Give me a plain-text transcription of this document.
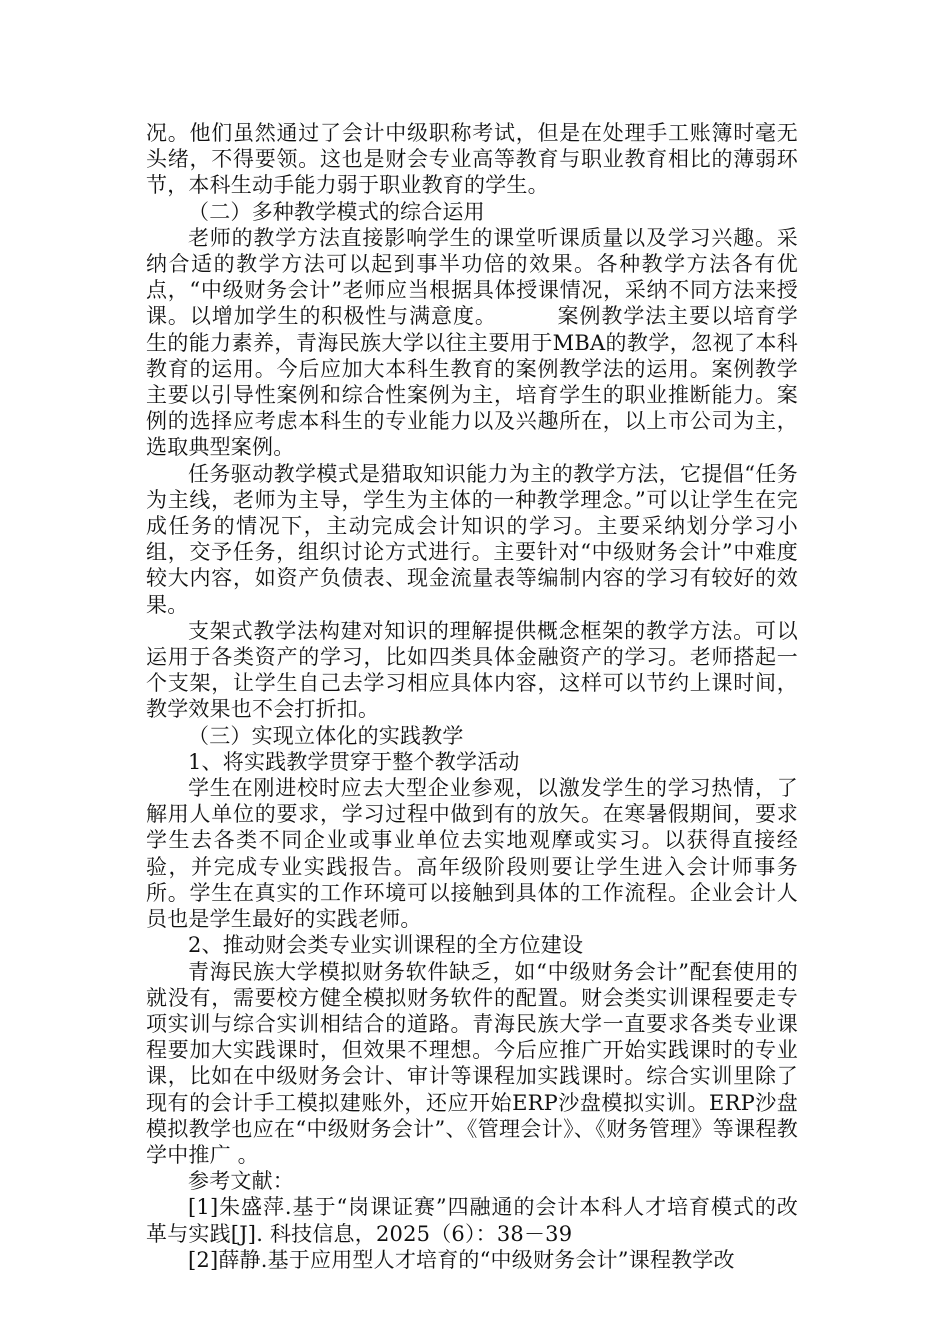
况。他们虽然通过了会计中级职称考试，但是在处理手工账簿时毫无头绪，不得要领。这也是财会专业高等教育与职业教育相比的薄弱环节，本科生动手能力弱于职业教育的学生。

（二）多种教学模式的综合运用

老师的教学方法直接影响学生的课堂听课质量以及学习兴趣。采纳合适的教学方法可以起到事半功倍的效果。各种教学方法各有优点，“中级财务会计”老师应当根据具体授课情况，采纳不同方法来授课。以增加学生的积极性与满意度。	案例教学法主要以培育学生的能力素养，青海民族大学以往主要用于MBA的教学，忽视了本科教育的运用。今后应加大本科生教育的案例教学法的运用。案例教学主要以引导性案例和综合性案例为主，培育学生的职业推断能力。案例的选择应考虑本科生的专业能力以及兴趣所在，以上市公司为主，选取典型案例。

任务驱动教学模式是猎取知识能力为主的教学方法，它提倡“任务为主线，老师为主导，学生为主体的一种教学理念。”可以让学生在完成任务的情况下，主动完成会计知识的学习。主要采纳划分学习小组，交予任务，组织讨论方式进行。主要针对“中级财务会计”中难度较大内容，如资产负债表、现金流量表等编制内容的学习有较好的效果。

支架式教学法构建对知识的理解提供概念框架的教学方法。可以运用于各类资产的学习，比如四类具体金融资产的学习。老师搭起一个支架，让学生自己去学习相应具体内容，这样可以节约上课时间，教学效果也不会打折扣。

（三）实现立体化的实践教学

1、将实践教学贯穿于整个教学活动

学生在刚进校时应去大型企业参观，以激发学生的学习热情，了解用人单位的要求，学习过程中做到有的放矢。在寒暑假期间，要求学生去各类不同企业或事业单位去实地观摩或实习。以获得直接经验，并完成专业实践报告。高年级阶段则要让学生进入会计师事务所。学生在真实的工作环境可以接触到具体的工作流程。企业会计人员也是学生最好的实践老师。

2、推动财会类专业实训课程的全方位建设

青海民族大学模拟财务软件缺乏，如“中级财务会计”配套使用的就没有，需要校方健全模拟财务软件的配置。财会类实训课程要走专项实训与综合实训相结合的道路。青海民族大学一直要求各类专业课程要加大实践课时，但效果不理想。今后应推广开始实践课时的专业课，比如在中级财务会计、审计等课程加实践课时。综合实训里除了现有的会计手工模拟建账外，还应开始ERP沙盘模拟实训。ERP沙盘模拟教学也应在“中级财务会计”、《管理会计》、《财务管理》等课程教学中推广 。

参考文献：

[1]朱盛萍.基于“岗课证赛”四融通的会计本科人才培育模式的改革与实践[J]. 科技信息，2025（6）：38－39

[2]薛静.基于应用型人才培育的“中级财务会计”课程教学改
